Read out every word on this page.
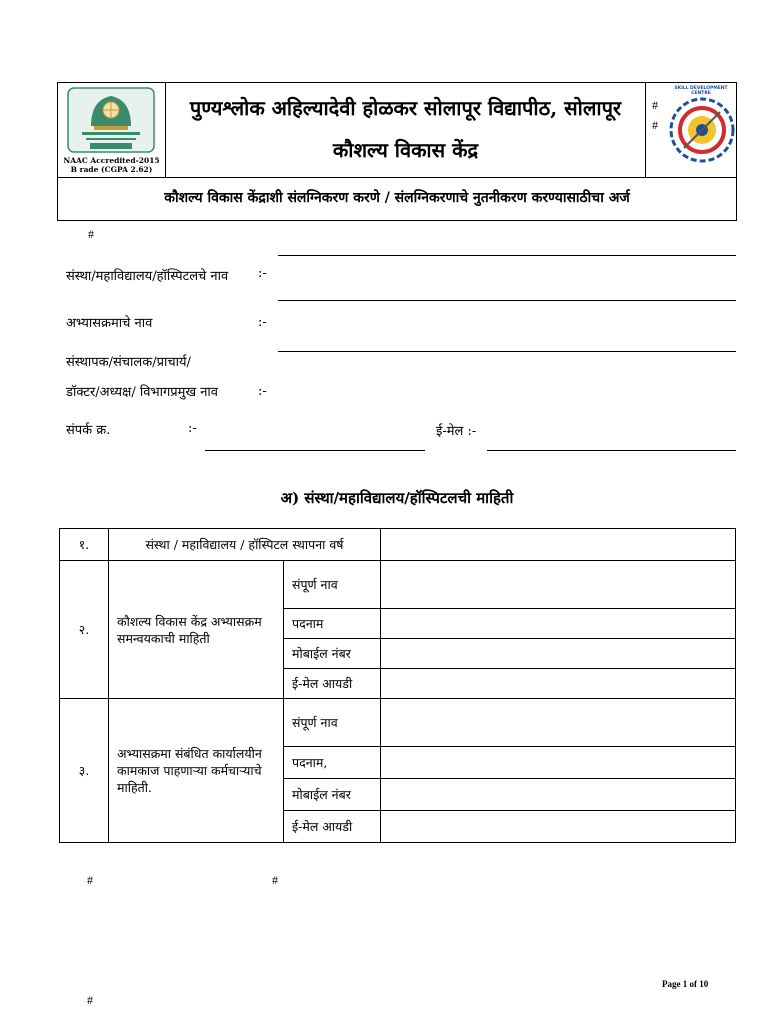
NAAC Accredited-2015
B rade (CGPA 2.62)
पुण्यश्लोक अहिल्यादेवी होळकर सोलापूर विद्यापीठ, सोलापूर
कौशल्य विकास केंद्र
#
#
SKILL DEVELOPMENT CENTRE
कौशल्य विकास केंद्राशी संलग्निकरण करणे / संलग्निकरणाचे नुतनीकरण करण्यासाठीचा अर्ज
#
संस्था/महाविद्यालय/हॉस्पिटलचे नाव :-
अभ्यासक्रमाचे नाव	:-
संस्थापक/संचालक/प्राचार्य/
डॉक्टर/अध्यक्ष/ विभागप्रमुख नाव	:-
संपर्क क्र.	:-	ई-मेल :-
अ) संस्था/महाविद्यालय/हॉस्पिटलची माहिती
१.	संस्था / महाविद्यालय / हॉस्पिटल स्थापना वर्ष		
२.	कौशल्य विकास केंद्र अभ्यासक्रम समन्वयकाची माहिती	संपूर्ण नाव	
		पदनाम	
		मोबाईल नंबर	
		ई-मेल आयडी	
३.	अभ्यासक्रमा संबंधित कार्यालयीन कामकाज पाहणाऱ्या कर्मचाऱ्याचे माहिती.	संपूर्ण नाव	
		पदनाम,	
		मोबाईल नंबर	
		ई-मेल आयडी	
#	#
Page 1 of 10
#
